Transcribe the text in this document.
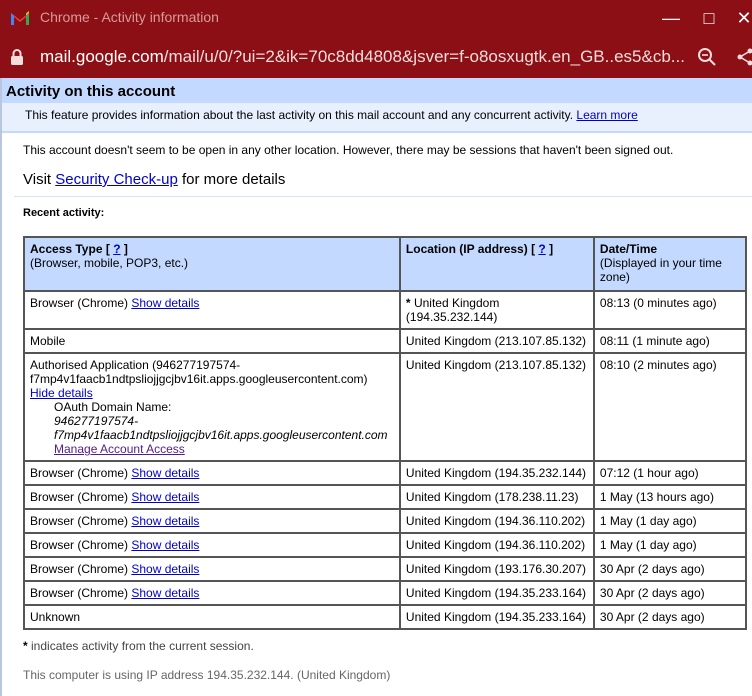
Chrome - Activity information	—	□	✕
mail.google.com/mail/u/0/?ui=2&ik=70c8dd4808&jsver=f-o8osxugtk.en_GB..es5&cb...
Activity on this account
This feature provides information about the last activity on this mail account and any concurrent activity. Learn more
This account doesn't seem to be open in any other location. However, there may be sessions that haven't been signed out.
Visit Security Check-up for more details
Recent activity:
Access Type [ ? ]
(Browser, mobile, POP3, etc.)	Location (IP address) [ ? ]	Date/Time
(Displayed in your time zone)
Browser (Chrome) Show details	* United Kingdom (194.35.232.144)	08:13 (0 minutes ago)
Mobile	United Kingdom (213.107.85.132)	08:11 (1 minute ago)
Authorised Application (946277197574-f7mp4v1faacb1ndtpsliojjgcjbv16it.apps.googleusercontent.com)
Hide details
OAuth Domain Name:
946277197574-f7mp4v1faacb1ndtpsliojjgcjbv16it.apps.googleusercontent.com
Manage Account Access	United Kingdom (213.107.85.132)	08:10 (2 minutes ago)
Browser (Chrome) Show details	United Kingdom (194.35.232.144)	07:12 (1 hour ago)
Browser (Chrome) Show details	United Kingdom (178.238.11.23)	1 May (13 hours ago)
Browser (Chrome) Show details	United Kingdom (194.36.110.202)	1 May (1 day ago)
Browser (Chrome) Show details	United Kingdom (194.36.110.202)	1 May (1 day ago)
Browser (Chrome) Show details	United Kingdom (193.176.30.207)	30 Apr (2 days ago)
Browser (Chrome) Show details	United Kingdom (194.35.233.164)	30 Apr (2 days ago)
Unknown	United Kingdom (194.35.233.164)	30 Apr (2 days ago)
* indicates activity from the current session.
This computer is using IP address 194.35.232.144. (United Kingdom)
